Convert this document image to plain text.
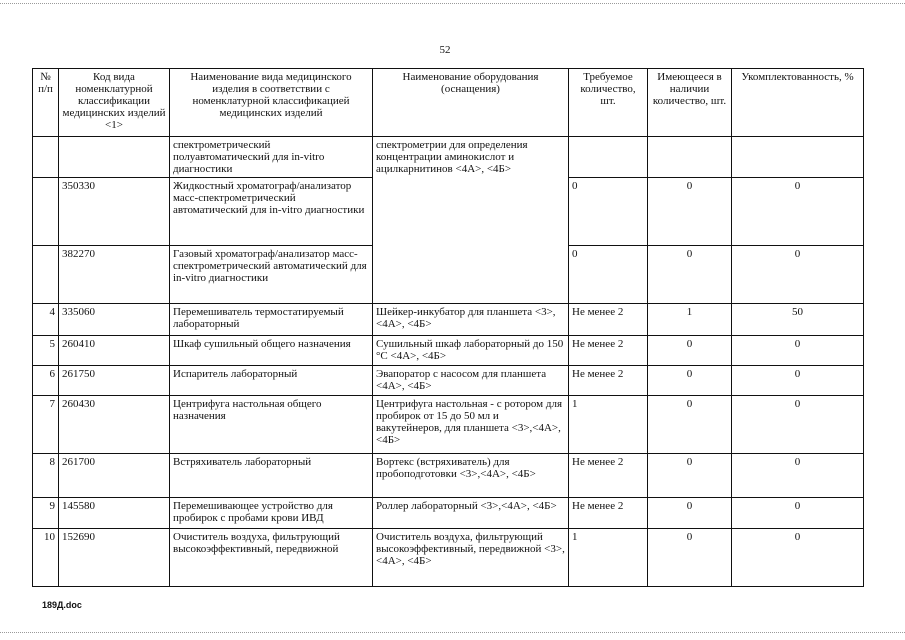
52
№ п/п	Код вида номенклатурной классификации медицинских изделий <1>	Наименование вида медицинского изделия в соответствии с номенклатурной классификацией медицинских изделий	Наименование оборудования (оснащения)	Требуемое количество, шт.	Имеющееся в наличии количество, шт.	Укомплектованность, %
		спектрометрический полуавтоматический для in-vitro диагностики	спектрометрии для определения концентрации аминокислот и ацилкарнитинов <4А>, <4Б>			
	350330	Жидкостный хроматограф/анализатор масс-спектрометрический автоматический для in-vitro диагностики		0	0	0
	382270	Газовый хроматограф/анализатор масс-спектрометрический автоматический для in-vitro диагностики		0	0	0
4	335060	Перемешиватель термостатируемый лабораторный	Шейкер-инкубатор для планшета <3>,<4А>, <4Б>	Не менее 2	1	50
5	260410	Шкаф сушильный общего назначения	Сушильный шкаф лабораторный до 150 °С <4А>, <4Б>	Не менее 2	0	0
6	261750	Испаритель лабораторный	Эвапоратор с насосом для планшета <4А>, <4Б>	Не менее 2	0	0
7	260430	Центрифуга настольная общего назначения	Центрифуга настольная - с ротором для пробирок от 15 до 50 мл и вакутейнеров, для планшета <3>,<4А>, <4Б>	1	0	0
8	261700	Встряхиватель лабораторный	Вортекс (встряхиватель) для пробоподготовки <3>,<4А>, <4Б>	Не менее 2	0	0
9	145580	Перемешивающее устройство для пробирок с пробами крови ИВД	Роллер лабораторный <3>,<4А>, <4Б>	Не менее 2	0	0
10	152690	Очиститель воздуха, фильтрующий высокоэффективный, передвижной	Очиститель воздуха, фильтрующий высокоэффективный, передвижной <3>,<4А>, <4Б>	1	0	0
189Д.doc
